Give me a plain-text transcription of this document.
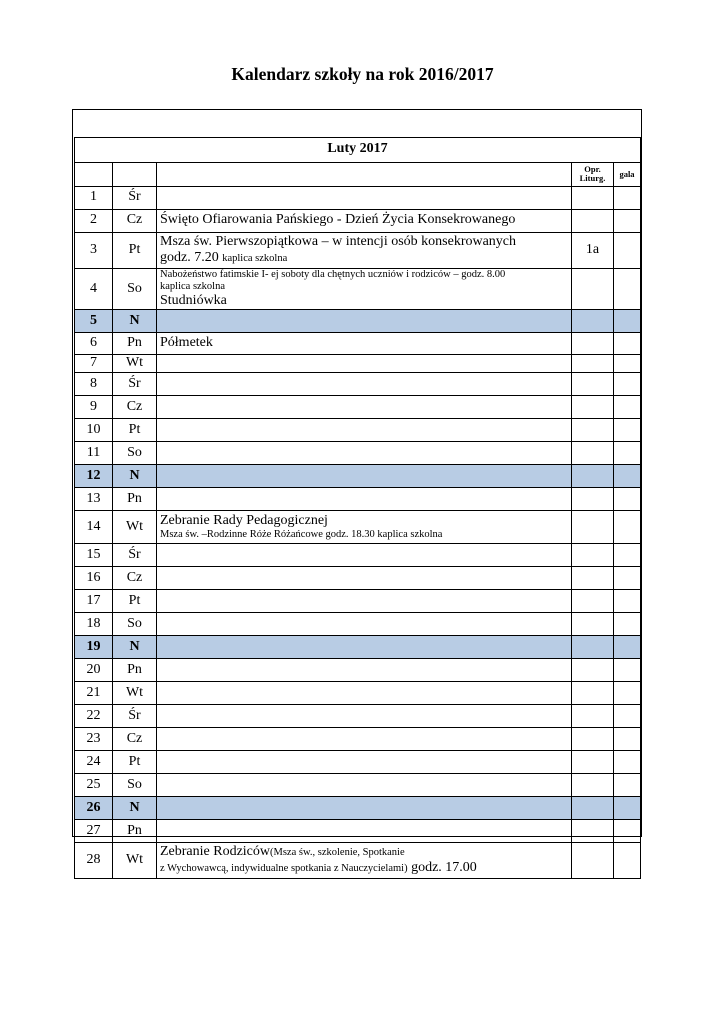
Kalendarz szkoły na rok 2016/2017

Luty 2017				
			Opr. Liturg.	gala
1	Śr			
2	Cz	Święto Ofiarowania Pańskiego - Dzień Życia Konsekrowanego		
3	Pt	Msza św. Pierwszopiątkowa – w intencji osób konsekrowanych
godz. 7.20 kaplica szkolna	1a	
4	So	Nabożeństwo fatimskie I- ej soboty dla chętnych uczniów i rodziców – godz. 8.00
kaplica szkolna
Studniówka		

5	N			
6	Pn	Półmetek		
7	Wt			
8	Śr			
9	Cz			
10	Pt			
11	So			
12	N			
13	Pn			
14	Wt	Zebranie Rady Pedagogicznej
Msza św. –Rodzinne Róże Różańcowe godz. 18.30 kaplica szkolna		

15	Śr			
16	Cz			
17	Pt			
18	So			
19	N			
20	Pn			
21	Wt			
22	Śr			
23	Cz			
24	Pt			
25	So			
26	N			
27	Pn			
28	Wt	Zebranie Rodziców(Msza św., szkolenie, Spotkanie
z Wychowawcą, indywidualne spotkania z Nauczycielami) godz. 17.00		
